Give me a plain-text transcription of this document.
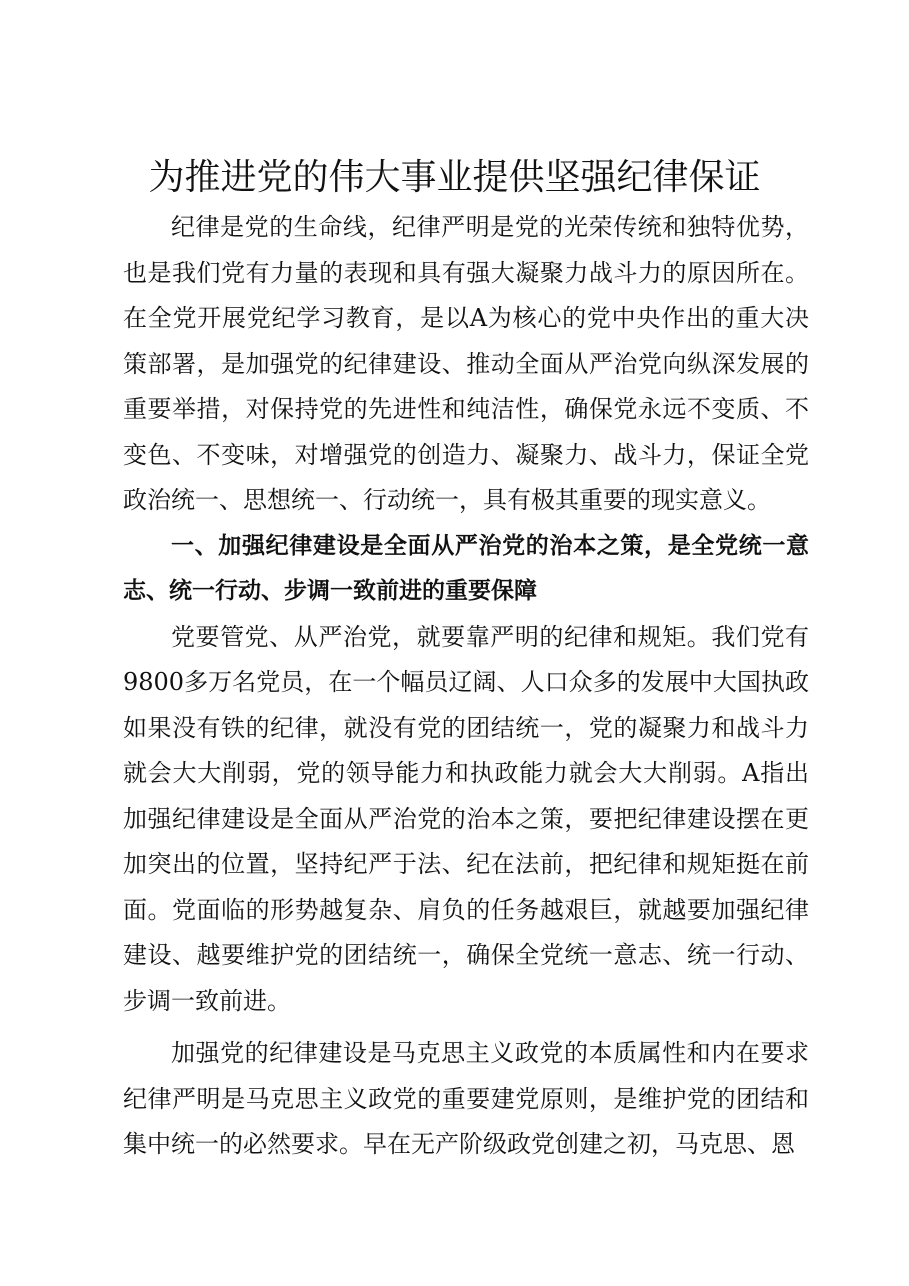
为推进党的伟大事业提供坚强纪律保证

纪律是党的生命线，纪律严明是党的光荣传统和独特优势，也是我们党有力量的表现和具有强大凝聚力战斗力的原因所在。在全党开展党纪学习教育，是以A为核心的党中央作出的重大决策部署，是加强党的纪律建设、推动全面从严治党向纵深发展的重要举措，对保持党的先进性和纯洁性，确保党永远不变质、不变色、不变味，对增强党的创造力、凝聚力、战斗力，保证全党政治统一、思想统一、行动统一，具有极其重要的现实意义。

一、加强纪律建设是全面从严治党的治本之策，是全党统一意志、统一行动、步调一致前进的重要保障

党要管党、从严治党，就要靠严明的纪律和规矩。我们党有9800多万名党员，在一个幅员辽阔、人口众多的发展中大国执政如果没有铁的纪律，就没有党的团结统一，党的凝聚力和战斗力就会大大削弱，党的领导能力和执政能力就会大大削弱。A指出加强纪律建设是全面从严治党的治本之策，要把纪律建设摆在更加突出的位置，坚持纪严于法、纪在法前，把纪律和规矩挺在前面。党面临的形势越复杂、肩负的任务越艰巨，就越要加强纪律建设、越要维护党的团结统一，确保全党统一意志、统一行动、步调一致前进。

加强党的纪律建设是马克思主义政党的本质属性和内在要求纪律严明是马克思主义政党的重要建党原则，是维护党的团结和集中统一的必然要求。早在无产阶级政党创建之初，马克思、恩
